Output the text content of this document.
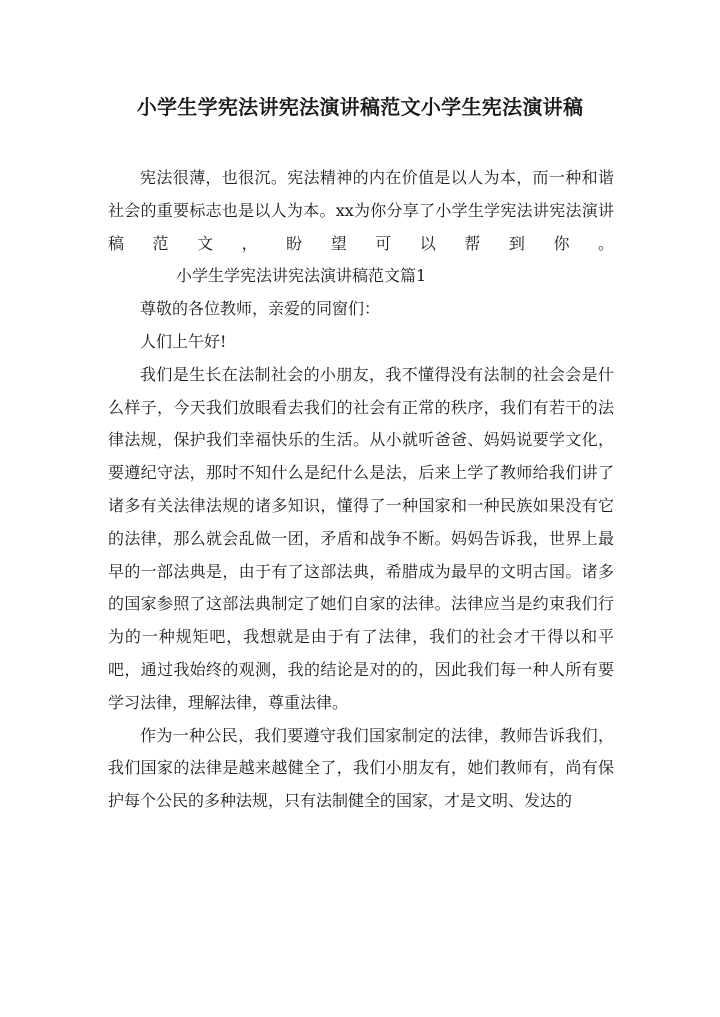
小学生学宪法讲宪法演讲稿范文小学生宪法演讲稿

宪法很薄，也很沉。宪法精神的内在价值是以人为本，而一种和谐社会的重要标志也是以人为本。xx为你分享了小学生学宪法讲宪法演讲稿范文，盼望可以帮到你。小学生学宪法讲宪法演讲稿范文篇1

尊敬的各位教师，亲爱的同窗们：

人们上午好!

我们是生长在法制社会的小朋友，我不懂得没有法制的社会会是什么样子，今天我们放眼看去我们的社会有正常的秩序，我们有若干的法律法规，保护我们幸福快乐的生活。从小就听爸爸、妈妈说要学文化，要遵纪守法，那时不知什么是纪什么是法，后来上学了教师给我们讲了诸多有关法律法规的诸多知识，懂得了一种国家和一种民族如果没有它的法律，那么就会乱做一团，矛盾和战争不断。妈妈告诉我，世界上最早的一部法典是，由于有了这部法典，希腊成为最早的文明古国。诸多的国家参照了这部法典制定了她们自家的法律。法律应当是约束我们行为的一种规矩吧，我想就是由于有了法律，我们的社会才干得以和平吧，通过我始终的观测，我的结论是对的的，因此我们每一种人所有要学习法律，理解法律，尊重法律。

作为一种公民，我们要遵守我们国家制定的法律，教师告诉我们，我们国家的法律是越来越健全了，我们小朋友有，她们教师有，尚有保护每个公民的多种法规，只有法制健全的国家，才是文明、发达的
